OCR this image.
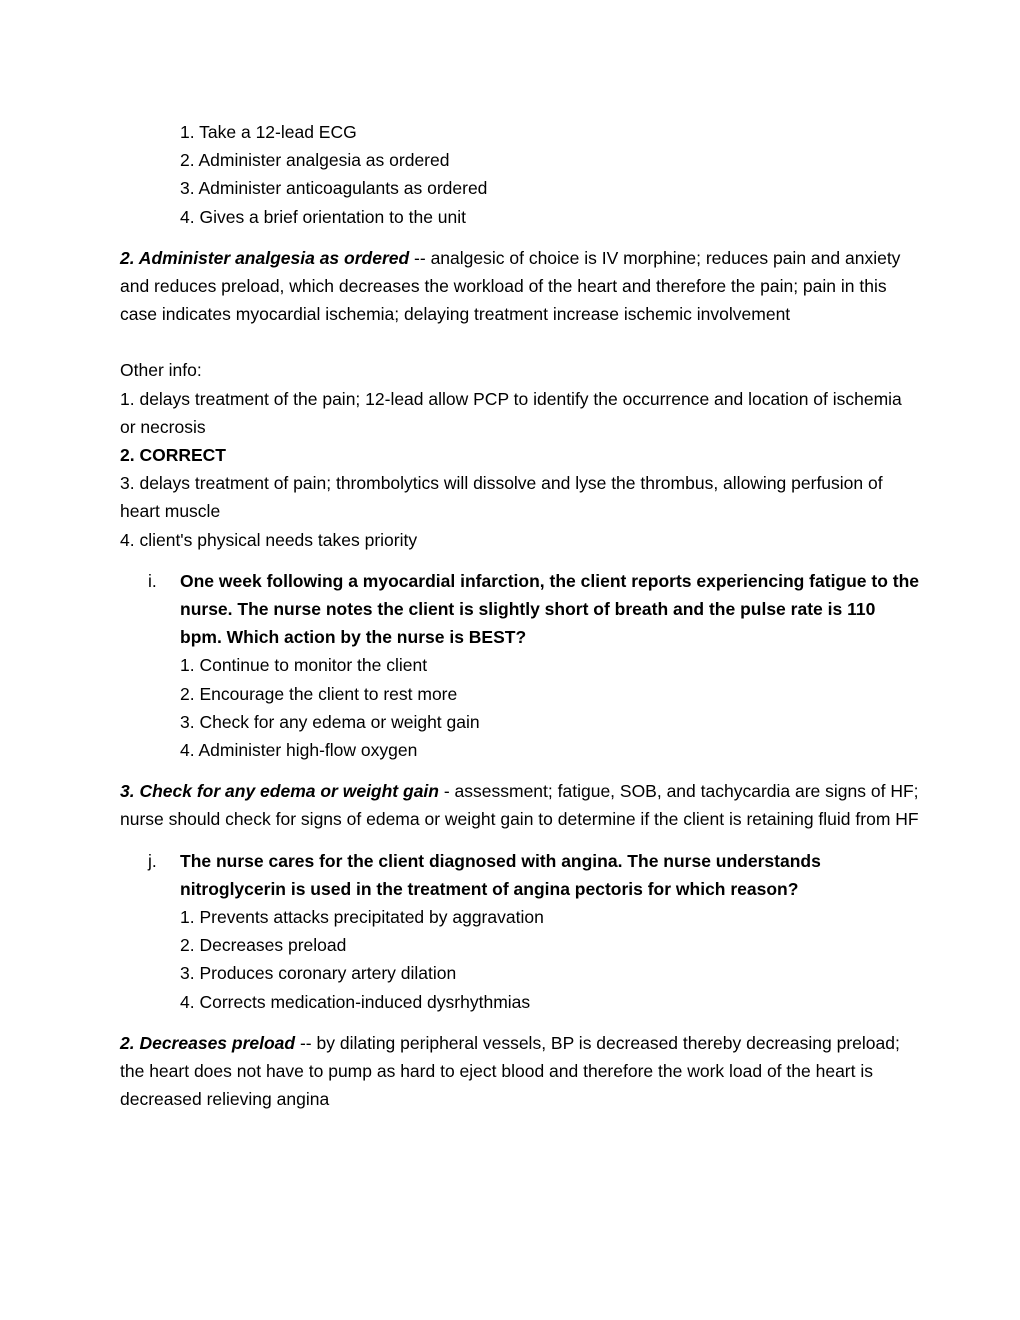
1. Take a 12-lead ECG
2. Administer analgesia as ordered
3. Administer anticoagulants as ordered
4. Gives a brief orientation to the unit

2. Administer analgesia as ordered -- analgesic of choice is IV morphine; reduces pain and anxiety and reduces preload, which decreases the workload of the heart and therefore the pain; pain in this case indicates myocardial ischemia; delaying treatment increase ischemic involvement

Other info:
1. delays treatment of the pain; 12-lead allow PCP to identify the occurrence and location of ischemia or necrosis
2. CORRECT
3. delays treatment of pain; thrombolytics will dissolve and lyse the thrombus, allowing perfusion of heart muscle
4. client's physical needs takes priority
i. One week following a myocardial infarction, the client reports experiencing fatigue to the nurse. The nurse notes the client is slightly short of breath and the pulse rate is 110 bpm. Which action by the nurse is BEST?
1. Continue to monitor the client
2. Encourage the client to rest more
3. Check for any edema or weight gain
4. Administer high-flow oxygen

3. Check for any edema or weight gain - assessment; fatigue, SOB, and tachycardia are signs of HF; nurse should check for signs of edema or weight gain to determine if the client is retaining fluid from HF

j. The nurse cares for the client diagnosed with angina. The nurse understands nitroglycerin is used in the treatment of angina pectoris for which reason?
1. Prevents attacks precipitated by aggravation
2. Decreases preload
3. Produces coronary artery dilation
4. Corrects medication-induced dysrhythmias

2. Decreases preload -- by dilating peripheral vessels, BP is decreased thereby decreasing preload; the heart does not have to pump as hard to eject blood and therefore the work load of the heart is decreased relieving angina
